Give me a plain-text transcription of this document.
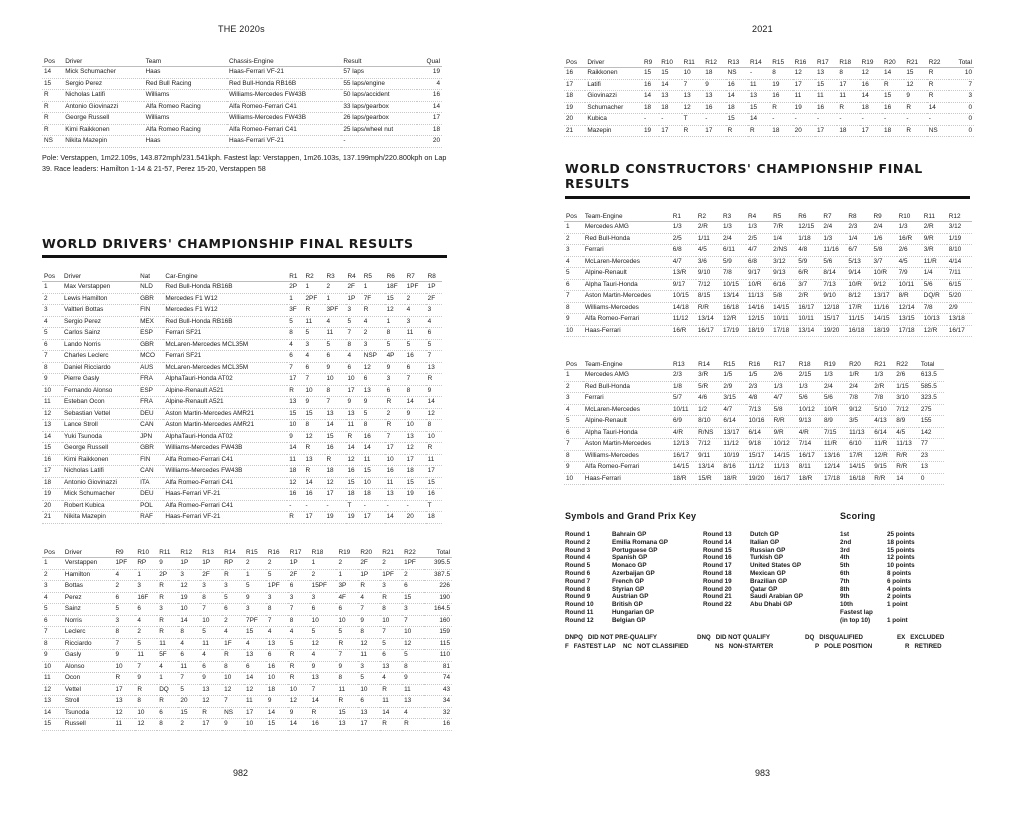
THE 2020s
Pos	Driver	Team	Chassis-Engine	Result	Qual
14	Mick Schumacher	Haas	Haas-Ferrari VF-21	57 laps	19
15	Sergio Perez	Red Bull Racing	Red Bull-Honda RB16B	55 laps/engine	4
R	Nicholas Latifi	Williams	Williams-Mercedes FW43B	50 laps/accident	16
R	Antonio Giovinazzi	Alfa Romeo Racing	Alfa Romeo-Ferrari C41	33 laps/gearbox	14
R	George Russell	Williams	Williams-Mercedes FW43B	26 laps/gearbox	17
R	Kimi Raikkonen	Alfa Romeo Racing	Alfa Romeo-Ferrari C41	25 laps/wheel nut	18
NS	Nikita Mazepin	Haas	Haas-Ferrari VF-21	-	20
Pole: Verstappen, 1m22.109s, 143.872mph/231.541kph. Fastest lap: Verstappen, 1m26.103s, 137.199mph/220.800kph on Lap 39. Race leaders: Hamilton 1-14 & 21-57, Perez 15-20, Verstappen 58
WORLD DRIVERS' CHAMPIONSHIP FINAL RESULTS
Pos	Driver	Nat	Car-Engine	R1	R2	R3	R4	R5	R6	R7	R8
1	Max Verstappen	NLD	Red Bull-Honda RB16B	2P	1	2	2F	1	18F	1PF	1P
2	Lewis Hamilton	GBR	Mercedes F1 W12	1	2PF	1	1P	7F	15	2	2F
3	Valtteri Bottas	FIN	Mercedes F1 W12	3F	R	3PF	3	R	12	4	3
4	Sergio Perez	MEX	Red Bull-Honda RB16B	5	11	4	5	4	1	3	4
5	Carlos Sainz	ESP	Ferrari SF21	8	5	11	7	2	8	11	6
6	Lando Norris	GBR	McLaren-Mercedes MCL35M	4	3	5	8	3	5	5	5
7	Charles Leclerc	MCO	Ferrari SF21	6	4	6	4	NSP	4P	16	7
8	Daniel Ricciardo	AUS	McLaren-Mercedes MCL35M	7	6	9	6	12	9	6	13
9	Pierre Gasly	FRA	AlphaTauri-Honda AT02	17	7	10	10	6	3	7	R
10	Fernando Alonso	ESP	Alpine-Renault A521	R	10	8	17	13	6	8	9
11	Esteban Ocon	FRA	Alpine-Renault A521	13	9	7	9	9	R	14	14
12	Sebastian Vettel	DEU	Aston Martin-Mercedes AMR21	15	15	13	13	5	2	9	12
13	Lance Stroll	CAN	Aston Martin-Mercedes AMR21	10	8	14	11	8	R	10	8
14	Yuki Tsunoda	JPN	AlphaTauri-Honda AT02	9	12	15	R	16	7	13	10
15	George Russell	GBR	Williams-Mercedes FW43B	14	R	16	14	14	17	12	R
16	Kimi Raikkonen	FIN	Alfa Romeo-Ferrari C41	11	13	R	12	11	10	17	11
17	Nicholas Latifi	CAN	Williams-Mercedes FW43B	18	R	18	16	15	16	18	17
18	Antonio Giovinazzi	ITA	Alfa Romeo-Ferrari C41	12	14	12	15	10	11	15	15
19	Mick Schumacher	DEU	Haas-Ferrari VF-21	16	16	17	18	18	13	19	16
20	Robert Kubica	POL	Alfa Romeo-Ferrari C41	-	-	-	T	-	-	-	T
21	Nikita Mazepin	RAF	Haas-Ferrari VF-21	R	17	19	19	17	14	20	18
Pos	Driver	R9	R10	R11	R12	R13	R14	R15	R16	R17	R18	R19	R20	R21	R22	Total
1	Verstappen	1PF	RP	9	1P	1P	RP	2	2	1P	1	2	2F	2	1PF	395.5
2	Hamilton	4	1	2P	3	2F	R	1	5	2F	2	1	1P	1PF	2	387.5
3	Bottas	2	3	R	12	3	3	5	1PF	6	15PF	3P	R	3	6	226
4	Perez	6	16F	R	19	8	5	9	3	3	3	4F	4	R	15	190
5	Sainz	5	6	3	10	7	6	3	8	7	6	6	7	8	3	164.5
6	Norris	3	4	R	14	10	2	7PF	7	8	10	10	9	10	7	160
7	Leclerc	8	2	R	8	5	4	15	4	4	5	5	8	7	10	159
8	Ricciardo	7	5	11	4	11	1F	4	13	5	12	R	12	5	12	115
9	Gasly	9	11	5F	6	4	R	13	6	R	4	7	11	6	5	110
10	Alonso	10	7	4	11	6	8	6	16	R	9	9	3	13	8	81
11	Ocon	R	9	1	7	9	10	14	10	R	13	8	5	4	9	74
12	Vettel	17	R	DQ	5	13	12	12	18	10	7	11	10	R	11	43
13	Stroll	13	8	R	20	12	7	11	9	12	14	R	6	11	13	34
14	Tsunoda	12	10	6	15	R	NS	17	14	9	R	15	13	14	4	32
15	Russell	11	12	8	2	17	9	10	15	14	16	13	17	R	R	16
982
2021
Pos	Driver	R9	R10	R11	R12	R13	R14	R15	R16	R17	R18	R19	R20	R21	R22	Total
16	Raikkonen	15	15	10	18	NS	-	8	12	13	8	12	14	15	R	10
17	Latifi	16	14	7	9	16	11	19	17	15	17	16	R	12	R	7
18	Giovinazzi	14	13	13	13	14	13	16	11	11	11	14	15	9	R	3
19	Schumacher	18	18	12	16	18	15	R	19	16	R	18	16	R	14	0
20	Kubica	-	-	T	-	15	14	-	-	-	-	-	-	-	-	0
21	Mazepin	19	17	R	17	R	R	18	20	17	18	17	18	R	NS	0
WORLD CONSTRUCTORS' CHAMPIONSHIP FINAL RESULTS
Pos	Team-Engine	R1	R2	R3	R4	R5	R6	R7	R8	R9	R10	R11	R12
1	Mercedes AMG	1/3	2/R	1/3	1/3	7/R	12/15	2/4	2/3	2/4	1/3	2/R	3/12
2	Red Bull-Honda	2/5	1/11	2/4	2/5	1/4	1/18	1/3	1/4	1/6	16/R	9/R	1/19
3	Ferrari	6/8	4/5	6/11	4/7	2/NS	4/8	11/16	6/7	5/8	2/6	3/R	8/10
4	McLaren-Mercedes	4/7	3/6	5/9	6/8	3/12	5/9	5/6	5/13	3/7	4/5	11/R	4/14
5	Alpine-Renault	13/R	9/10	7/8	9/17	9/13	6/R	8/14	9/14	10/R	7/9	1/4	7/11
6	Alpha Tauri-Honda	9/17	7/12	10/15	10/R	6/16	3/7	7/13	10/R	9/12	10/11	5/6	6/15
7	Aston Martin-Mercedes	10/15	8/15	13/14	11/13	5/8	2/R	9/10	8/12	13/17	8/R	DQ/R	5/20
8	Williams-Mercedes	14/18	R/R	16/18	14/16	14/15	16/17	12/18	17/R	11/16	12/14	7/8	2/9
9	Alfa Romeo-Ferrari	11/12	13/14	12/R	12/15	10/11	10/11	15/17	11/15	14/15	13/15	10/13	13/18
10	Haas-Ferrari	16/R	16/17	17/19	18/19	17/18	13/14	19/20	16/18	18/19	17/18	12/R	16/17
Pos	Team-Engine	R13	R14	R15	R16	R17	R18	R19	R20	R21	R22	Total
1	Mercedes AMG	2/3	3/R	1/5	1/5	2/6	2/15	1/3	1/R	1/3	2/6	613.5
2	Red Bull-Honda	1/8	5/R	2/9	2/3	1/3	1/3	2/4	2/4	2/R	1/15	585.5
3	Ferrari	5/7	4/6	3/15	4/8	4/7	5/6	5/6	7/8	7/8	3/10	323.5
4	McLaren-Mercedes	10/11	1/2	4/7	7/13	5/8	10/12	10/R	9/12	5/10	7/12	275
5	Alpine-Renault	6/9	8/10	6/14	10/16	R/R	9/13	8/9	3/5	4/13	8/9	155
6	Alpha Tauri-Honda	4/R	R/NS	13/17	6/14	9/R	4/R	7/15	11/13	6/14	4/5	142
7	Aston Martin-Mercedes	12/13	7/12	11/12	9/18	10/12	7/14	11/R	6/10	11/R	11/13	77
8	Williams-Mercedes	16/17	9/11	10/19	15/17	14/15	16/17	13/16	17/R	12/R	R/R	23
9	Alfa Romeo-Ferrari	14/15	13/14	8/16	11/12	11/13	8/11	12/14	14/15	9/15	R/R	13
10	Haas-Ferrari	18/R	15/R	18/R	19/20	16/17	18/R	17/18	16/18	R/R	14	0
Symbols and Grand Prix Key
Round 1	Bahrain GP
Round 2	Emilia Romana GP
Round 3	Portuguese GP
Round 4	Spanish GP
Round 5	Monaco GP
Round 6	Azerbaijan GP
Round 7	French GP
Round 8	Styrian GP
Round 9	Austrian GP
Round 10	British GP
Round 11	Hungarian GP
Round 12	Belgian GP
Round 13	Dutch GP
Round 14	Italian GP
Round 15	Russian GP
Round 16	Turkish GP
Round 17	United States GP
Round 18	Mexican GP
Round 19	Brazilian GP
Round 20	Qatar GP
Round 21	Saudi Arabian GP
Round 22	Abu Dhabi GP
Scoring
1st	25 points
2nd	18 points
3rd	15 points
4th	12 points
5th	10 points
6th	8 points
7th	6 points
8th	4 points
9th	2 points
10th	1 point
Fastest lap
(in top 10)	1 point
DNPQ DID NOT PRE-QUALIFY	DNQ DID NOT QUALIFY	DQ DISQUALIFIED	EX EXCLUDED
F FASTEST LAP NC NOT CLASSIFIED	NS NON-STARTER	P POLE POSITION	R RETIRED
983
